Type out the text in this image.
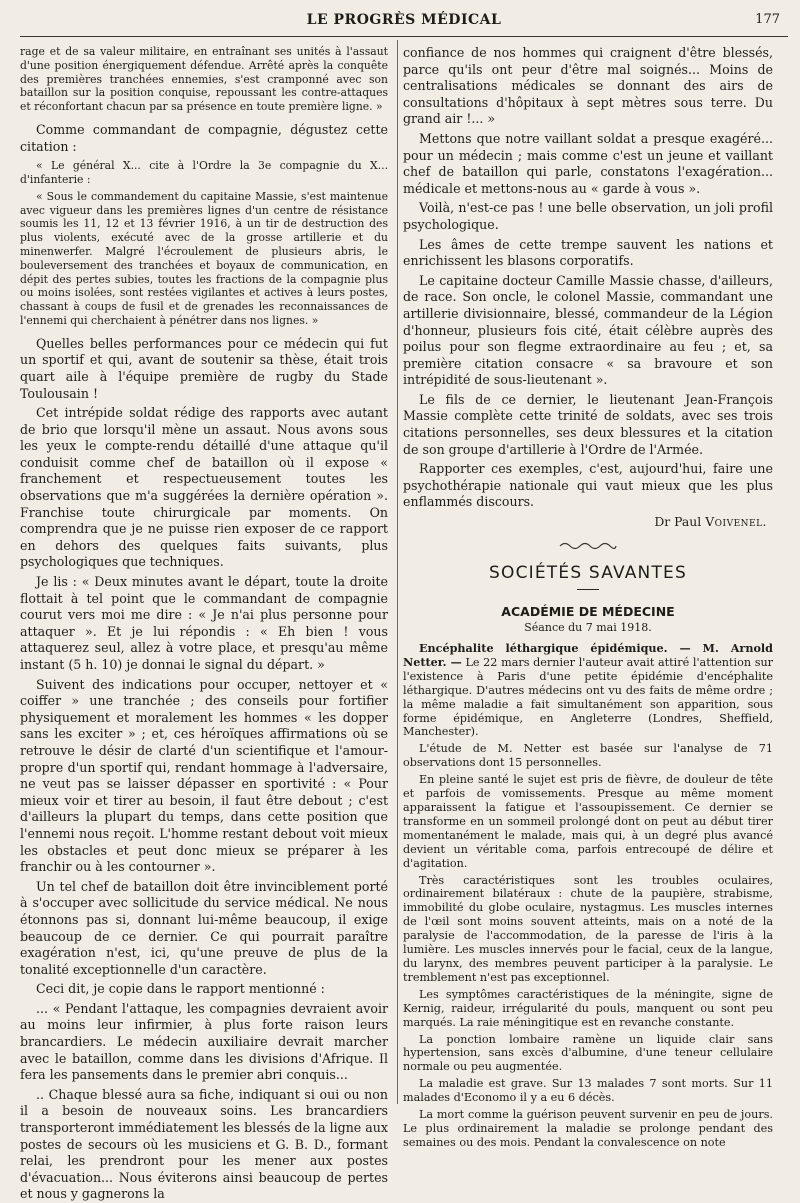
LE PROGRÈS MÉDICAL	177

rage et de sa valeur militaire, en entraînant ses unités à l'assaut d'une position énergiquement défendue. Arrêté après la conquête des premières tranchées ennemies, s'est cramponné avec son bataillon sur la position conquise, repoussant les contre-attaques et réconfortant chacun par sa présence en toute première ligne. »

Comme commandant de compagnie, dégustez cette citation :

« Le général X... cite à l'Ordre la 3e compagnie du X... d'infanterie :

« Sous le commandement du capitaine Massie, s'est maintenue avec vigueur dans les premières lignes d'un centre de résistance soumis les 11, 12 et 13 février 1916, à un tir de destruction des plus violents, exécuté avec de la grosse artillerie et du minenwerfer. Malgré l'écroulement de plusieurs abris, le bouleversement des tranchées et boyaux de communication, en dépit des pertes subies, toutes les fractions de la compagnie plus ou moins isolées, sont restées vigilantes et actives à leurs postes, chassant à coups de fusil et de grenades les reconnaissances de l'ennemi qui cherchaient à pénétrer dans nos lignes. »

Quelles belles performances pour ce médecin qui fut un sportif et qui, avant de soutenir sa thèse, était trois quart aile à l'équipe première de rugby du Stade Toulousain !

Cet intrépide soldat rédige des rapports avec autant de brio que lorsqu'il mène un assaut. Nous avons sous les yeux le compte-rendu détaillé d'une attaque qu'il conduisit comme chef de bataillon où il expose « franchement et respectueusement toutes les observations que m'a suggérées la dernière opération ». Franchise toute chirurgicale par moments. On comprendra que je ne puisse rien exposer de ce rapport en dehors des quelques faits suivants, plus psychologiques que techniques.

Je lis : « Deux minutes avant le départ, toute la droite flottait à tel point que le commandant de compagnie courut vers moi me dire : « Je n'ai plus personne pour attaquer ». Et je lui répondis : « Eh bien ! vous attaquerez seul, allez à votre place, et presqu'au même instant (5 h. 10) je donnai le signal du départ. »

Suivent des indications pour occuper, nettoyer et « coiffer » une tranchée ; des conseils pour fortifier physiquement et moralement les hommes « les dopper sans les exciter » ; et, ces héroïques affirmations où se retrouve le désir de clarté d'un scientifique et l'amour-propre d'un sportif qui, rendant hommage à l'adversaire, ne veut pas se laisser dépasser en sportivité : « Pour mieux voir et tirer au besoin, il faut être debout ; c'est d'ailleurs la plupart du temps, dans cette position que l'ennemi nous reçoit. L'homme restant debout voit mieux les obstacles et peut donc mieux se préparer à les franchir ou à les contourner ».

Un tel chef de bataillon doit être invinciblement porté à s'occuper avec sollicitude du service médical. Ne nous étonnons pas si, donnant lui-même beaucoup, il exige beaucoup de ce dernier. Ce qui pourrait paraître exagération n'est, ici, qu'une preuve de plus de la tonalité exceptionnelle d'un caractère.

Ceci dit, je copie dans le rapport mentionné :

... « Pendant l'attaque, les compagnies devraient avoir au moins leur infirmier, à plus forte raison leurs brancardiers. Le médecin auxiliaire devrait marcher avec le bataillon, comme dans les divisions d'Afrique. Il fera les pansements dans le premier abri conquis...

.. Chaque blessé aura sa fiche, indiquant si oui ou non il a besoin de nouveaux soins. Les brancardiers transporteront immédiatement les blessés de la ligne aux postes de secours où les musiciens et G. B. D., formant relai, les prendront pour les mener aux postes d'évacuation... Nous éviterons ainsi beaucoup de pertes et nous y gagnerons la

confiance de nos hommes qui craignent d'être blessés, parce qu'ils ont peur d'être mal soignés... Moins de centralisations médicales se donnant des airs de consultations d'hôpitaux à sept mètres sous terre. Du grand air !... »

Mettons que notre vaillant soldat a presque exagéré... pour un médecin ; mais comme c'est un jeune et vaillant chef de bataillon qui parle, constatons l'exagération... médicale et mettons-nous au « garde à vous ».

Voilà, n'est-ce pas ! une belle observation, un joli profil psychologique.

Les âmes de cette trempe sauvent les nations et enrichissent les blasons corporatifs.

Le capitaine docteur Camille Massie chasse, d'ailleurs, de race. Son oncle, le colonel Massie, commandant une artillerie divisionnaire, blessé, commandeur de la Légion d'honneur, plusieurs fois cité, était célèbre auprès des poilus pour son flegme extraordinaire au feu ; et, sa première citation consacre « sa bravoure et son intrépidité de sous-lieutenant ».

Le fils de ce dernier, le lieutenant Jean-François Massie complète cette trinité de soldats, avec ses trois citations personnelles, ses deux blessures et la citation de son groupe d'artillerie à l'Ordre de l'Armée.

Rapporter ces exemples, c'est, aujourd'hui, faire une psychothérapie nationale qui vaut mieux que les plus enflammés discours.

Dr Paul Voivenel.

SOCIÉTÉS SAVANTES
ACADÉMIE DE MÉDECINE
Séance du 7 mai 1918.

Encéphalite léthargique épidémique. — M. Arnold Netter. — Le 22 mars dernier l'auteur avait attiré l'attention sur l'existence à Paris d'une petite épidémie d'encéphalite léthargique. D'autres médecins ont vu des faits de même ordre ; la même maladie a fait simultanément son apparition, sous forme épidémique, en Angleterre (Londres, Sheffield, Manchester).

L'étude de M. Netter est basée sur l'analyse de 71 observations dont 15 personnelles.

En pleine santé le sujet est pris de fièvre, de douleur de tête et parfois de vomissements. Presque au même moment apparaissent la fatigue et l'assoupissement. Ce dernier se transforme en un sommeil prolongé dont on peut au début tirer momentanément le malade, mais qui, à un degré plus avancé devient un véritable coma, parfois entrecoupé de délire et d'agitation.

Très caractéristiques sont les troubles oculaires, ordinairement bilatéraux : chute de la paupière, strabisme, immobilité du globe oculaire, nystagmus. Les muscles internes de l'œil sont moins souvent atteints, mais on a noté de la paralysie de l'accommodation, de la paresse de l'iris à la lumière. Les muscles innervés pour le facial, ceux de la langue, du larynx, des membres peuvent participer à la paralysie. Le tremblement n'est pas exceptionnel.

Les symptômes caractéristiques de la méningite, signe de Kernig, raideur, irrégularité du pouls, manquent ou sont peu marqués. La raie méningitique est en revanche constante.

La ponction lombaire ramène un liquide clair sans hypertension, sans excès d'albumine, d'une teneur cellulaire normale ou peu augmentée.

La maladie est grave. Sur 13 malades 7 sont morts. Sur 11 malades d'Economo il y a eu 6 décès.

La mort comme la guérison peuvent survenir en peu de jours. Le plus ordinairement la maladie se prolonge pendant des semaines ou des mois. Pendant la convalescence on note
